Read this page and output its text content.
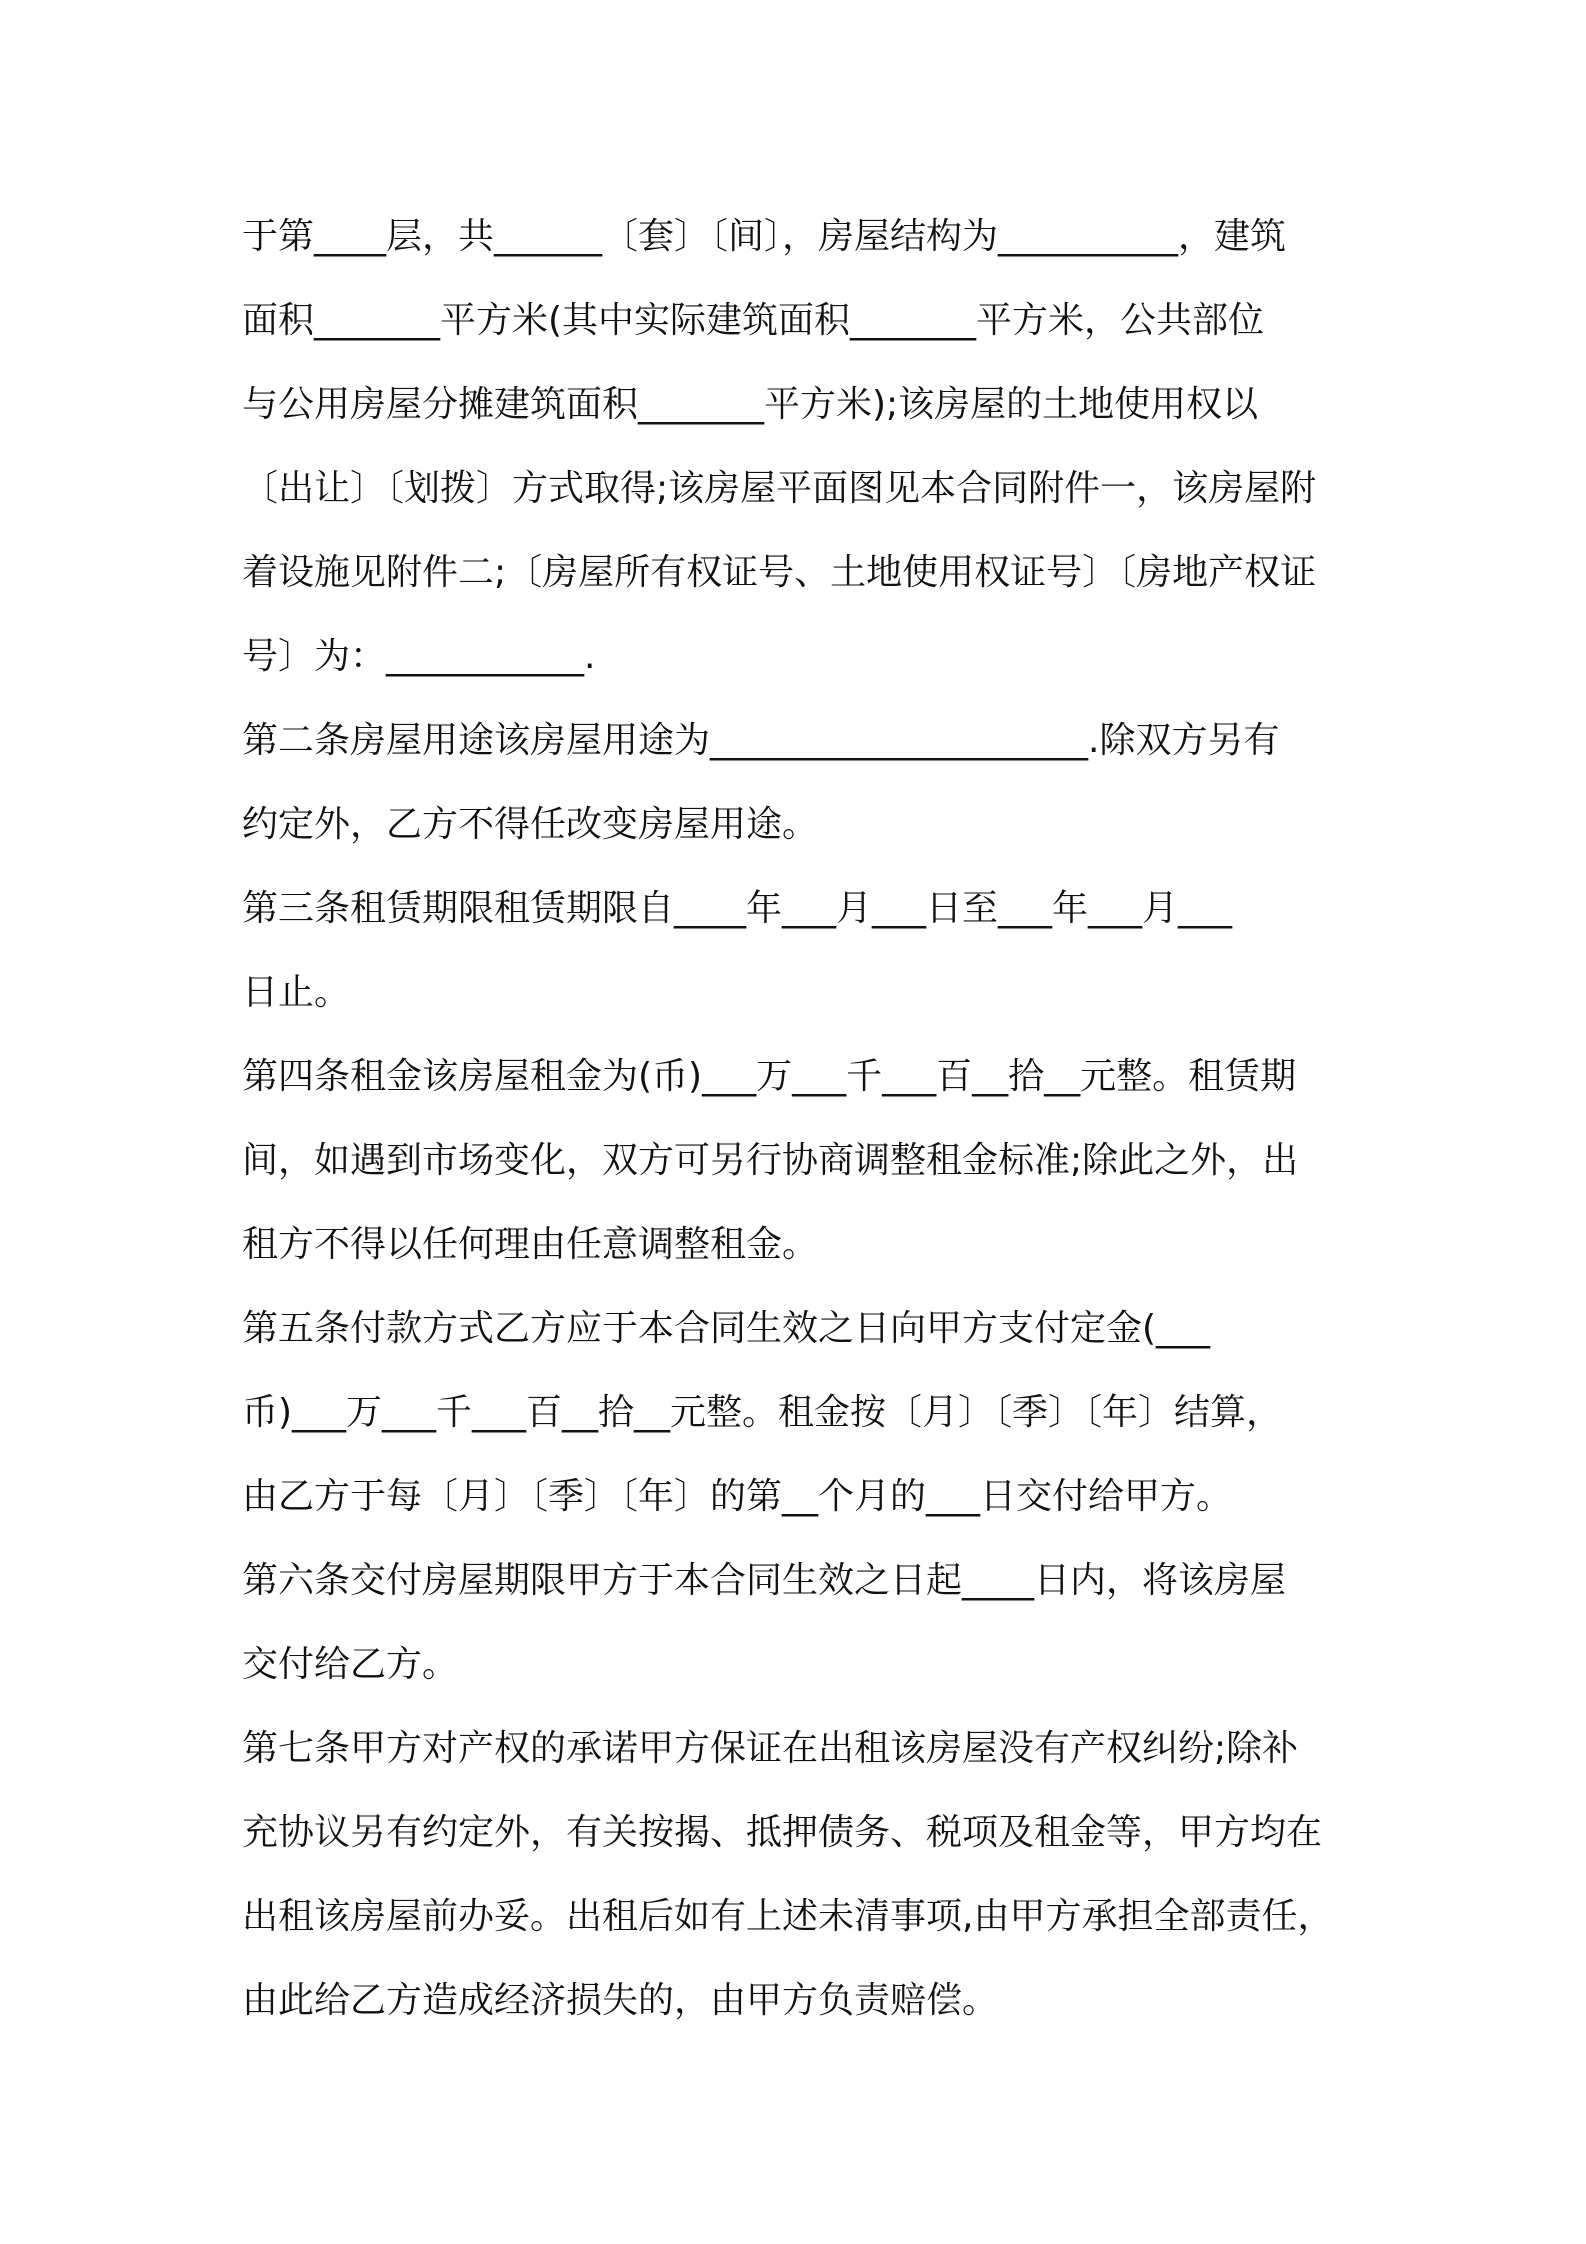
于第____层，共______〔套〕〔间〕，房屋结构为__________，建筑
面积_______平方米(其中实际建筑面积_______平方米，公共部位
与公用房屋分摊建筑面积_______平方米);该房屋的土地使用权以
〔出让〕〔划拨〕方式取得;该房屋平面图见本合同附件一，该房屋附
着设施见附件二;〔房屋所有权证号、土地使用权证号〕〔房地产权证
号〕为：___________.
第二条房屋用途该房屋用途为_____________________.除双方另有
约定外，乙方不得任改变房屋用途。
第三条租赁期限租赁期限自____年___月___日至___年___月___
日止。
第四条租金该房屋租金为(币)___万___千___百__拾__元整。租赁期
间，如遇到市场变化，双方可另行协商调整租金标准;除此之外，出
租方不得以任何理由任意调整租金。
第五条付款方式乙方应于本合同生效之日向甲方支付定金(___
币)___万___千___百__拾__元整。租金按〔月〕〔季〕〔年〕结算，
由乙方于每〔月〕〔季〕〔年〕的第__个月的___日交付给甲方。
第六条交付房屋期限甲方于本合同生效之日起____日内，将该房屋
交付给乙方。
第七条甲方对产权的承诺甲方保证在出租该房屋没有产权纠纷;除补
充协议另有约定外，有关按揭、抵押债务、税项及租金等，甲方均在
出租该房屋前办妥。出租后如有上述未清事项,由甲方承担全部责任，
由此给乙方造成经济损失的，由甲方负责赔偿。
